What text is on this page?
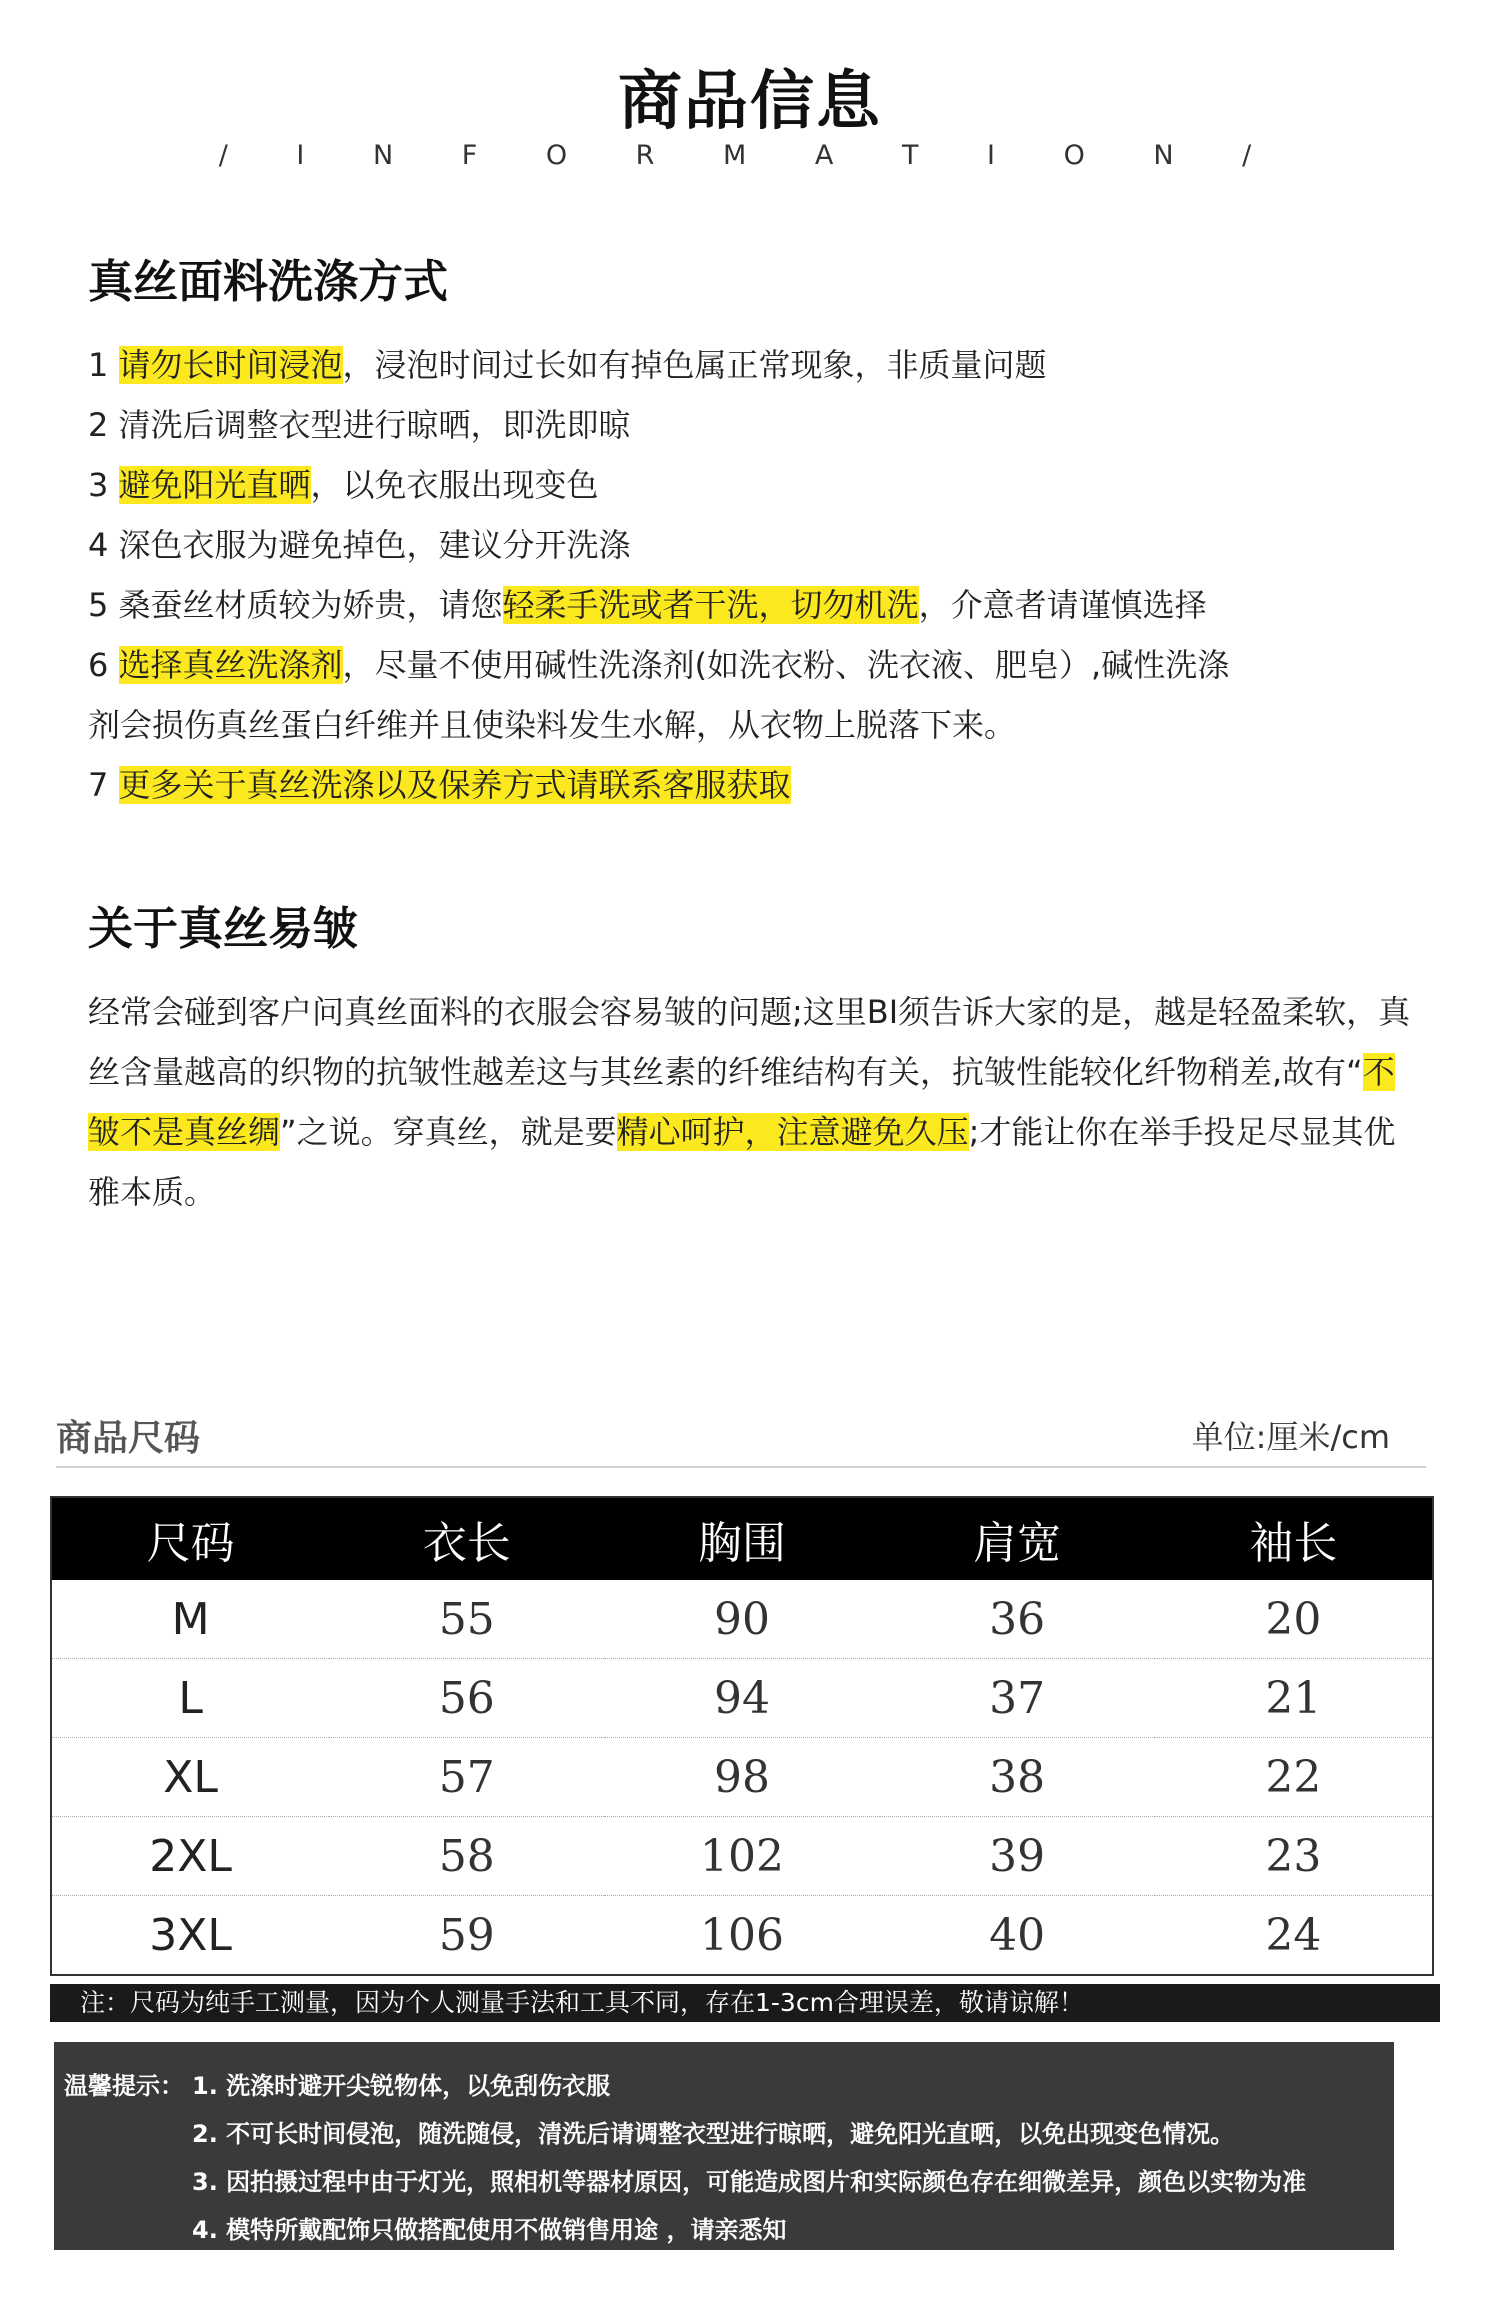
商品信息
/ I N F O R M A T I O N /
真丝面料洗涤方式
1 请勿长时间浸泡，浸泡时间过长如有掉色属正常现象，非质量问题
2 清洗后调整衣型进行晾晒，即洗即晾
3 避免阳光直晒，以免衣服出现变色
4 深色衣服为避免掉色，建议分开洗涤
5 桑蚕丝材质较为娇贵，请您轻柔手洗或者干洗，切勿机洗，介意者请谨慎选择
6 选择真丝洗涤剂，尽量不使用碱性洗涤剂(如洗衣粉、洗衣液、肥皂）,碱性洗涤
剂会损伤真丝蛋白纤维并且使染料发生水解，从衣物上脱落下来。
7 更多关于真丝洗涤以及保养方式请联系客服获取
关于真丝易皱
经常会碰到客户问真丝面料的衣服会容易皱的问题;这里BI须告诉大家的是，越是轻盈柔软，真丝含量越高的织物的抗皱性越差这与其丝素的纤维结构有关，抗皱性能较化纤物稍差,故有“不皱不是真丝绸”之说。穿真丝，就是要精心呵护，注意避免久压;才能让你在举手投足尽显其优雅本质。
商品尺码	单位:厘米/cm
尺码	衣长	胸围	肩宽	袖长
M	55	90	36	20
L	56	94	37	21
XL	57	98	38	22
2XL	58	102	39	23
3XL	59	106	40	24
注：尺码为纯手工测量，因为个人测量手法和工具不同，存在1-3cm合理误差，敬请谅解！
温馨提示： 1. 洗涤时避开尖锐物体，以免刮伤衣服
2. 不可长时间侵泡，随洗随侵，清洗后请调整衣型进行晾晒，避免阳光直晒，以免出现变色情况。
3. 因拍摄过程中由于灯光，照相机等器材原因，可能造成图片和实际颜色存在细微差异，颜色以实物为准
4. 模特所戴配饰只做搭配使用不做销售用途 ，请亲悉知
